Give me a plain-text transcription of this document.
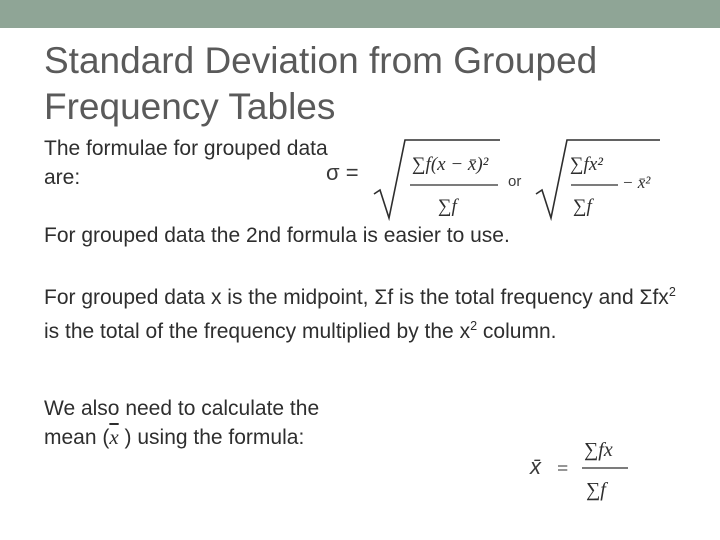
Standard Deviation from Grouped
Frequency Tables
The formulae for grouped data are:	σ =	∑f(x − x̄)²
∑f
∑fx²
∑f
− x̄²
∑fx
∑f
or
For grouped data the 2nd formula is easier to use.
For grouped data x is the midpoint, Σf is the total frequency and Σfx$^2$ is the total of the frequency multiplied by the $x^2$ column.
We also need to calculate the mean ($\overline{x}$ ) using the formula:
x̄ =
